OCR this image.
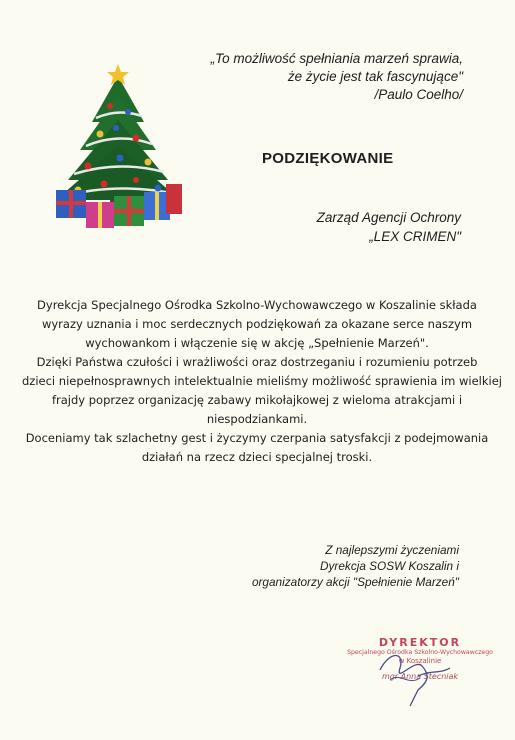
„To możliwość spełniania marzeń sprawia,
że życie jest tak fascynujące"
/Paulo Coelho/
PODZIĘKOWANIE
Zarząd Agencji Ochrony
„LEX CRIMEN"
Dyrekcja Specjalnego Ośrodka Szkolno-Wychowawczego w Koszalinie składa
wyrazy uznania i moc serdecznych podziękowań za okazane serce naszym
wychowankom i włączenie się w akcję „Spełnienie Marzeń".
Dzięki Państwa czułości i wrażliwości oraz dostrzeganiu i rozumieniu potrzeb
dzieci niepełnosprawnych intelektualnie mieliśmy możliwość sprawienia im wielkiej
frajdy poprzez organizację zabawy mikołajkowej z wieloma atrakcjami i
niespodziankami.
Doceniamy tak szlachetny gest i życzymy czerpania satysfakcji z podejmowania
działań na rzecz dzieci specjalnej troski.
Z najlepszymi życzeniami
Dyrekcja SOSW Koszalin i
organizatorzy akcji "Spełnienie Marzeń"
DYREKTOR
Specjalnego Ośrodka Szkolno-Wychowawczego
w Koszalinie
mgr Anna Stecniak
